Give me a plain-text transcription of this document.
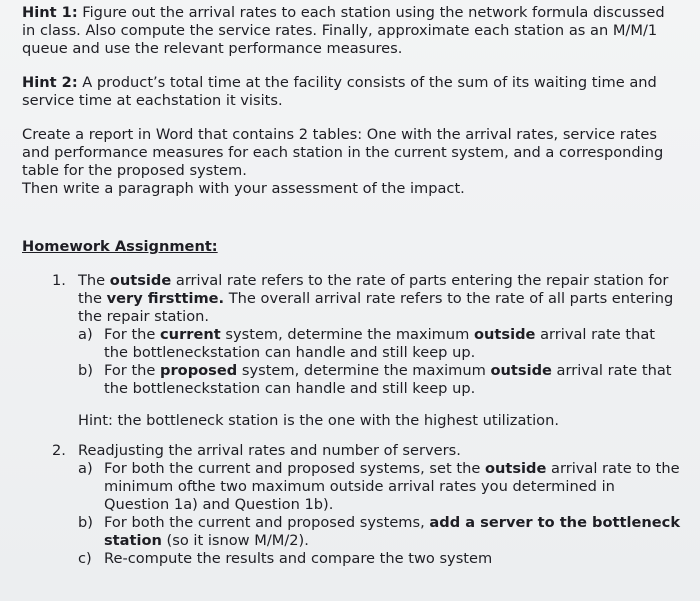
Hint 1: Figure out the arrival rates to each station using the network formula discussed in class. Also compute the service rates. Finally, approximate each station as an M/M/1 queue and use the relevant performance measures.

Hint 2: A product’s total time at the facility consists of the sum of its waiting time and service time at eachstation it visits.

Create a report in Word that contains 2 tables: One with the arrival rates, service rates and performance measures for each station in the current system, and a corresponding table for the proposed system.

Then write a paragraph with your assessment of the impact.

Homework Assignment:

1. The outside arrival rate refers to the rate of parts entering the repair station for the very firsttime. The overall arrival rate refers to the rate of all parts entering the repair station.

a) For the current system, determine the maximum outside arrival rate that the bottleneckstation can handle and still keep up.

b) For the proposed system, determine the maximum outside arrival rate that the bottleneckstation can handle and still keep up.

Hint: the bottleneck station is the one with the highest utilization.

2. Readjusting the arrival rates and number of servers.

a) For both the current and proposed systems, set the outside arrival rate to the minimum ofthe two maximum outside arrival rates you determined in Question 1a) and Question 1b).

b) For both the current and proposed systems, add a server to the bottleneck station (so it isnow M/M/2).

c) Re-compute the results and compare the two system
